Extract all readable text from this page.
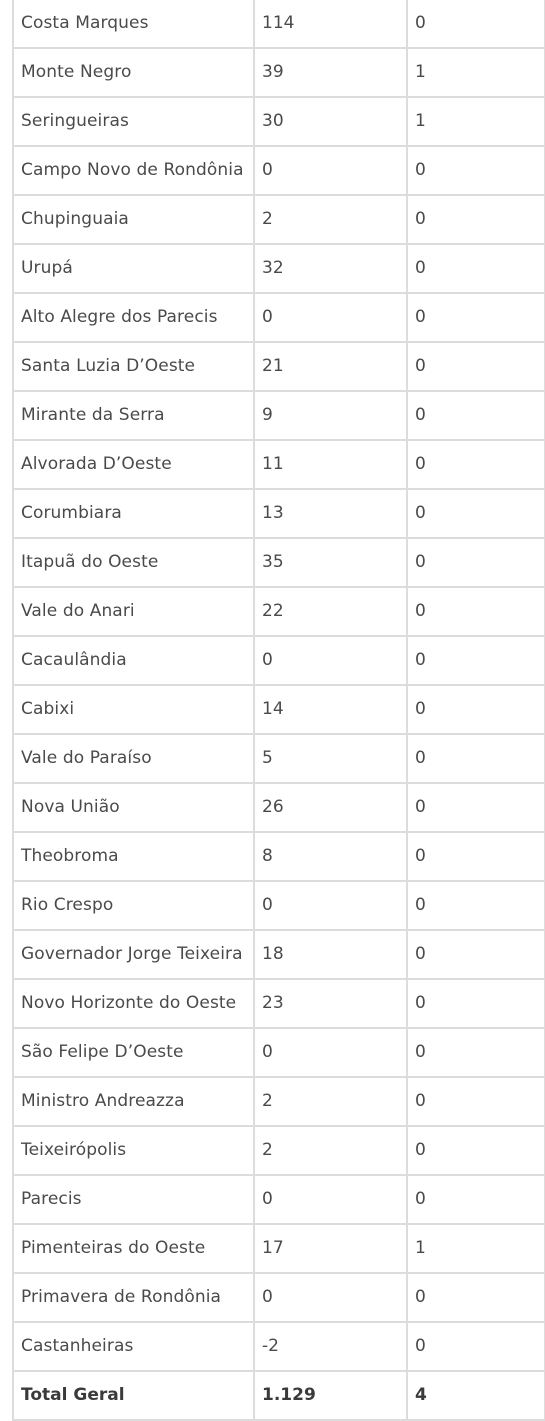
Costa Marques	114	0
Monte Negro	39	1
Seringueiras	30	1
Campo Novo de Rondônia	0	0
Chupinguaia	2	0
Urupá	32	0
Alto Alegre dos Parecis	0	0
Santa Luzia D’Oeste	21	0
Mirante da Serra	9	0
Alvorada D’Oeste	11	0
Corumbiara	13	0
Itapuã do Oeste	35	0
Vale do Anari	22	0
Cacaulândia	0	0
Cabixi	14	0
Vale do Paraíso	5	0
Nova União	26	0
Theobroma	8	0
Rio Crespo	0	0
Governador Jorge Teixeira	18	0
Novo Horizonte do Oeste	23	0
São Felipe D’Oeste	0	0
Ministro Andreazza	2	0
Teixeirópolis	2	0
Parecis	0	0
Pimenteiras do Oeste	17	1
Primavera de Rondônia	0	0
Castanheiras	-2	0
Total Geral	1.129	4
